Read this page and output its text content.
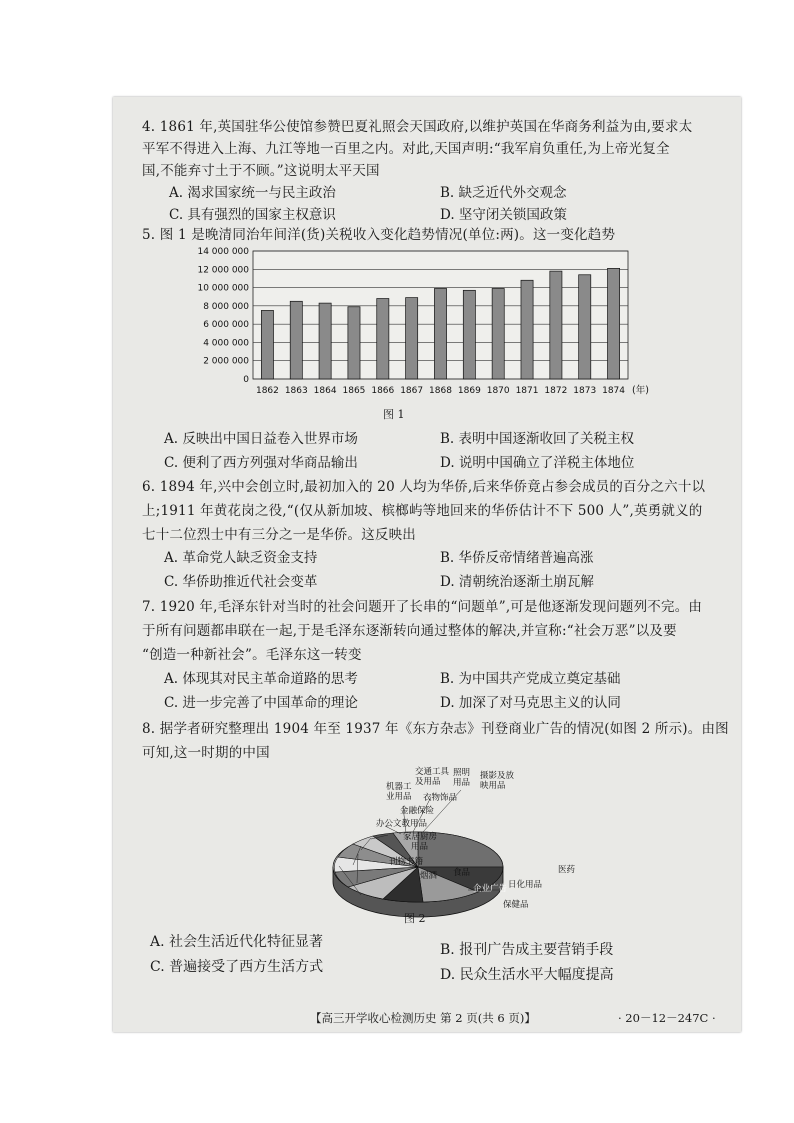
4. 1861 年,英国驻华公使馆参赞巴夏礼照会天国政府,以维护英国在华商务利益为由,要求太
平军不得进入上海、九江等地一百里之内。对此,天国声明:“我军肩负重任,为上帝光复全
国,不能弃寸土于不顾。”这说明太平天国
A. 渴求国家统一与民主政治	B. 缺乏近代外交观念
C. 具有强烈的国家主权意识	D. 坚守闭关锁国政策
5. 图 1 是晚清同治年间洋(货)关税收入变化趋势情况(单位:两)。这一变化趋势
0
2 000 000
4 000 000
6 000 000
8 000 000
10 000 000
12 000 000
14 000 000
1862 1863 1864 1865 1866 1867 1868 1869 1870 1871 1872 1873 1874 (年)
图 1
A. 反映出中国日益卷入世界市场	B. 表明中国逐渐收回了关税主权
C. 便利了西方列强对华商品输出	D. 说明中国确立了洋税主体地位
6. 1894 年,兴中会创立时,最初加入的 20 人均为华侨,后来华侨竟占参会成员的百分之六十以
上;1911 年黄花岗之役,“(仅从新加坡、槟榔屿等地回来的华侨估计不下 500 人”,英勇就义的
七十二位烈士中有三分之一是华侨。这反映出
A. 革命党人缺乏资金支持	B. 华侨反帝情绪普遍高涨
C. 华侨助推近代社会变革	D. 清朝统治逐渐土崩瓦解
7. 1920 年,毛泽东针对当时的社会问题开了长串的“问题单”,可是他逐渐发现问题列不完。由
于所有问题都串联在一起,于是毛泽东逐渐转向通过整体的解决,并宣称:“社会万恶”以及要
“创造一种新社会”。毛泽东这一转变
A. 体现其对民主革命道路的思考	B. 为中国共产党成立奠定基础
C. 进一步完善了中国革命的理论	D. 加深了对马克思主义的认同
8. 据学者研究整理出 1904 年至 1937 年《东方杂志》刊登商业广告的情况(如图 2 所示)。由图
可知,这一时期的中国
交通工具
及用品
照明
用品
摄影及放
映用品
机器工
业用品 衣物饰品
金融保险
办公文教用品
家居厨房
用品
刊物书籍
烟酒 食品
企业广告 日化用品
医药
保健品
图 2
A. 社会生活近代化特征显著	B. 报刊广告成主要营销手段
C. 普遍接受了西方生活方式	D. 民众生活水平大幅度提高
【高三开学收心检测历史 第 2 页(共 6 页)】	· 20－12－247C ·
